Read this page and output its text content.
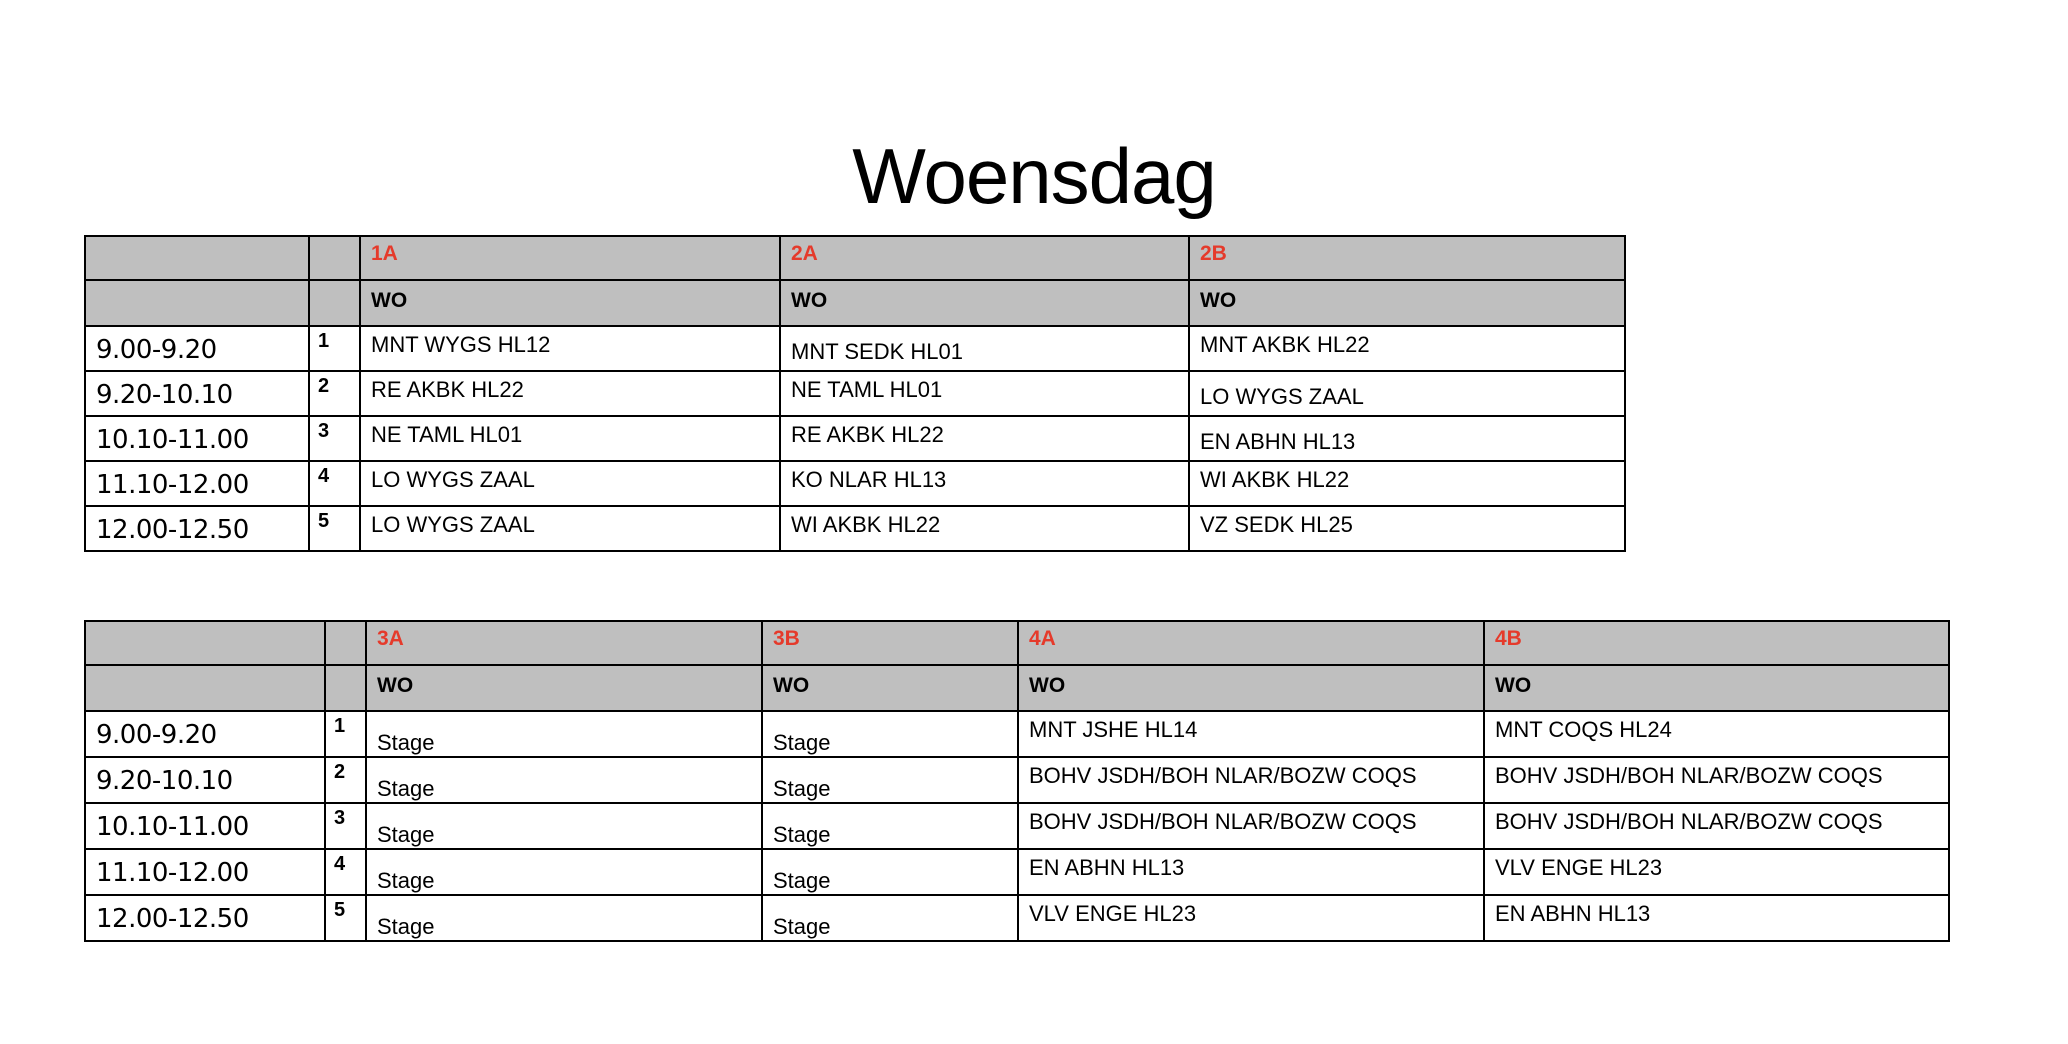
Woensdag

		1A	2A	2B

		WO	WO	WO

9.00-9.20	1	MNT WYGS HL12	MNT SEDK HL01	MNT AKBK HL22

9.20-10.10	2	RE AKBK HL22	NE TAML HL01	LO WYGS ZAAL

10.10-11.00	3	NE TAML HL01	RE AKBK HL22	EN ABHN HL13

11.10-12.00	4	LO WYGS ZAAL	KO NLAR HL13	WI AKBK HL22

12.00-12.50	5	LO WYGS ZAAL	WI AKBK HL22	VZ SEDK HL25

		3A	3B	4A	4B

		WO	WO	WO	WO

9.00-9.20	1	Stage	Stage	MNT JSHE HL14	MNT COQS HL24

9.20-10.10	2	Stage	Stage	BOHV JSDH/BOH NLAR/BOZW COQS	BOHV JSDH/BOH NLAR/BOZW COQS

10.10-11.00	3	Stage	Stage	BOHV JSDH/BOH NLAR/BOZW COQS	BOHV JSDH/BOH NLAR/BOZW COQS

11.10-12.00	4	Stage	Stage	EN ABHN HL13	VLV ENGE HL23

12.00-12.50	5	Stage	Stage	VLV ENGE HL23	EN ABHN HL13
